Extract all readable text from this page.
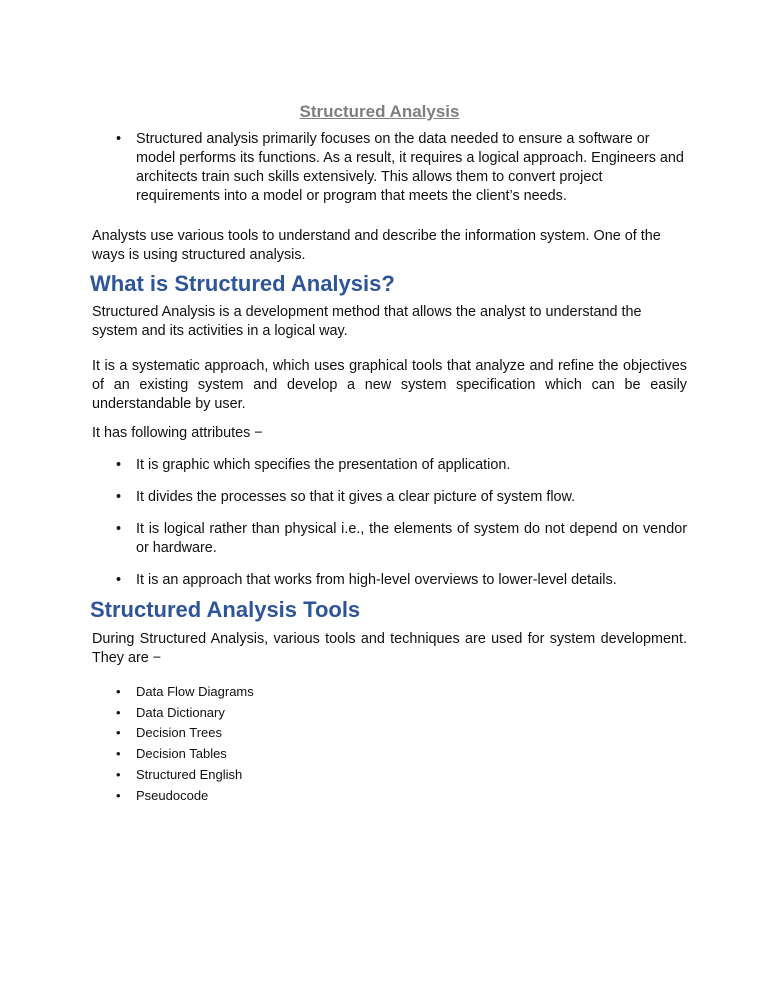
Structured Analysis
• Structured analysis primarily focuses on the data needed to ensure a software or model performs its functions. As a result, it requires a logical approach. Engineers and architects train such skills extensively. This allows them to convert project requirements into a model or program that meets the client’s needs.

Analysts use various tools to understand and describe the information system. One of the ways is using structured analysis.

What is Structured Analysis?

Structured Analysis is a development method that allows the analyst to understand the system and its activities in a logical way.

It is a systematic approach, which uses graphical tools that analyze and refine the objectives of an existing system and develop a new system specification which can be easily understandable by user.

It has following attributes −

• It is graphic which specifies the presentation of application.
• It divides the processes so that it gives a clear picture of system flow.
• It is logical rather than physical i.e., the elements of system do not depend on vendor or hardware.
• It is an approach that works from high-level overviews to lower-level details.
Structured Analysis Tools

During Structured Analysis, various tools and techniques are used for system development. They are −

• Data Flow Diagrams
• Data Dictionary
• Decision Trees
• Decision Tables
• Structured English
• Pseudocode
